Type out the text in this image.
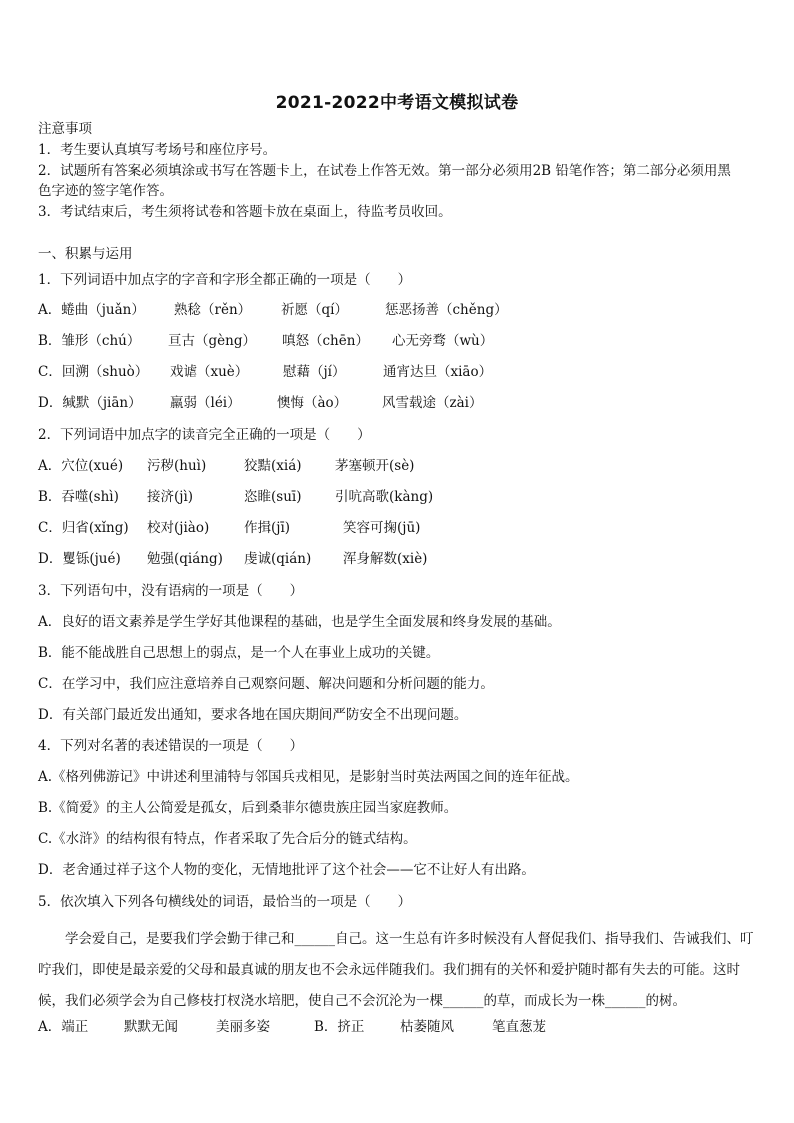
2021-2022中考语文模拟试卷
注意事项
1．考生要认真填写考场号和座位序号。
2．试题所有答案必须填涂或书写在答题卡上，在试卷上作答无效。第一部分必须用2B 铅笔作答；第二部分必须用黑
色字迹的签字笔作答。
3．考试结束后，考生须将试卷和答题卡放在桌面上，待监考员收回。
一、积累与运用
1．下列词语中加点字的字音和字形全都正确的一项是（　　）
A．蜷曲（juǎn） 熟稔（rěn） 祈愿（qí）	惩恶扬善（chěng）
B．雏形（chú） 亘古（gèng） 嗔怒（chēn） 心无旁骛（wù）
C．回溯（shuò） 戏谑（xuè）	慰藉（jí）	通宵达旦（xiāo）
D．缄默（jiān） 羸弱（léi）	懊悔（ào）	风雪载途（zài）
2．下列词语中加点字的读音完全正确的一项是（　　）
A．穴位(xué) 污秽(huì)	狡黠(xiá) 茅塞顿开(sè)
B．吞噬(shì) 接济(jì)	恣睢(suī) 引吭高歌(kàng)
C．归省(xǐng) 校对(jiào)	作揖(jī)	笑容可掬(jū)
D．矍铄(jué) 勉强(qiáng) 虔诚(qián) 浑身解数(xiè)
3．下列语句中，没有语病的一项是（　　）
A．良好的语文素养是学生学好其他课程的基础，也是学生全面发展和终身发展的基础。
B．能不能战胜自己思想上的弱点，是一个人在事业上成功的关键。
C．在学习中，我们应注意培养自己观察问题、解决问题和分析问题的能力。
D．有关部门最近发出通知，要求各地在国庆期间严防安全不出现问题。
4．下列对名著的表述错误的一项是（　　）
A.《格列佛游记》中讲述利里浦特与邻国兵戎相见，是影射当时英法两国之间的连年征战。
B.《简爱》的主人公简爱是孤女，后到桑菲尔德贵族庄园当家庭教师。
C.《水浒》的结构很有特点，作者采取了先合后分的链式结构。
D．老舍通过祥子这个人物的变化，无情地批评了这个社会——它不让好人有出路。
5．依次填入下列各句横线处的词语，最恰当的一项是（　　）
学会爱自己，是要我们学会勤于律己和______自己。这一生总有许多时候没有人督促我们、指导我们、告诫我们、叮咛我们，即使是最亲爱的父母和最真诚的朋友也不会永远伴随我们。我们拥有的关怀和爱护随时都有失去的可能。这时候，我们必须学会为自己修枝打杈浇水培肥，使自己不会沉沦为一棵______的草，而成长为一株______的树。
A．端正	默默无闻	美丽多姿	B．挤正	枯萎随风	笔直葱茏
